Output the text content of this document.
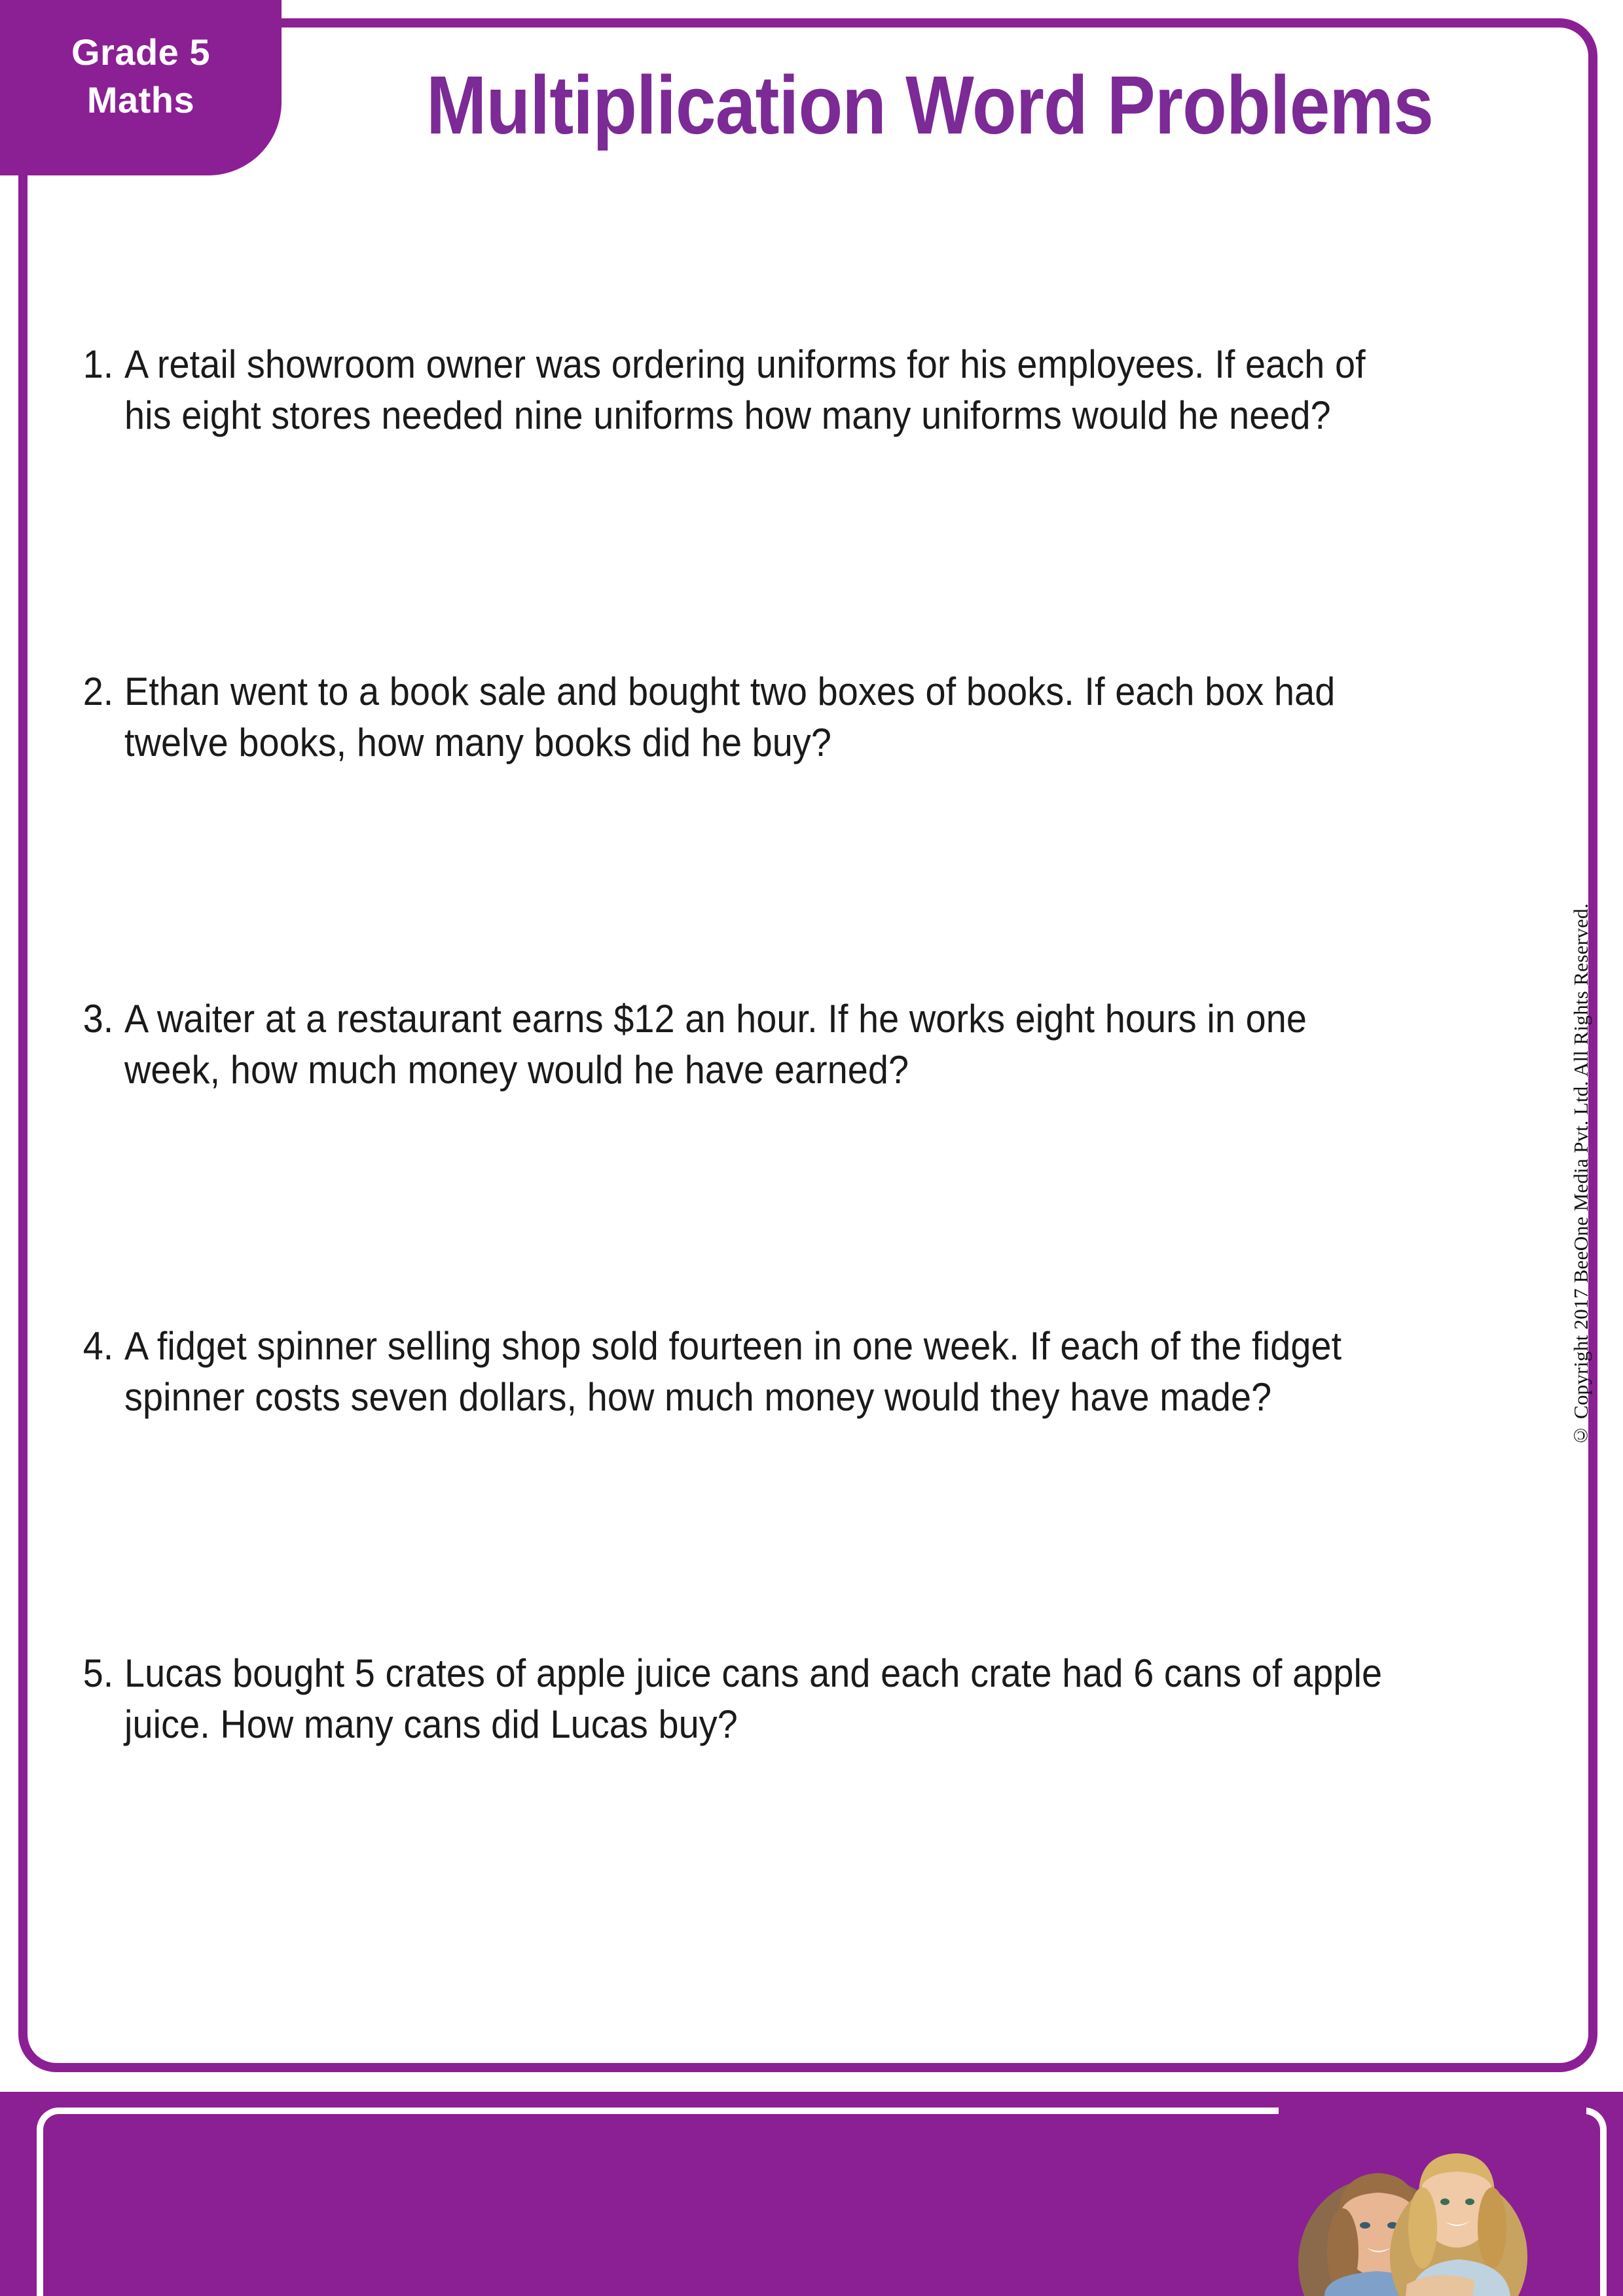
Grade 5
Maths	Multiplication Word Problems
1. A retail showroom owner was ordering uniforms for his employees. If each of his eight stores needed nine uniforms how many uniforms would he need?
2. Ethan went to a book sale and bought two boxes of books. If each box had twelve books, how many books did he buy?
3. A waiter at a restaurant earns $12 an hour. If he works eight hours in one week, how much money would he have earned?
4. A fidget spinner selling shop sold fourteen in one week. If each of the fidget spinner costs seven dollars, how much money would they have made?
5. Lucas bought 5 crates of apple juice cans and each crate had 6 cans of apple juice. How many cans did Lucas buy?
© Copyright 2017 BeeOne Media Pvt. Ltd. All Rights Reserved.
